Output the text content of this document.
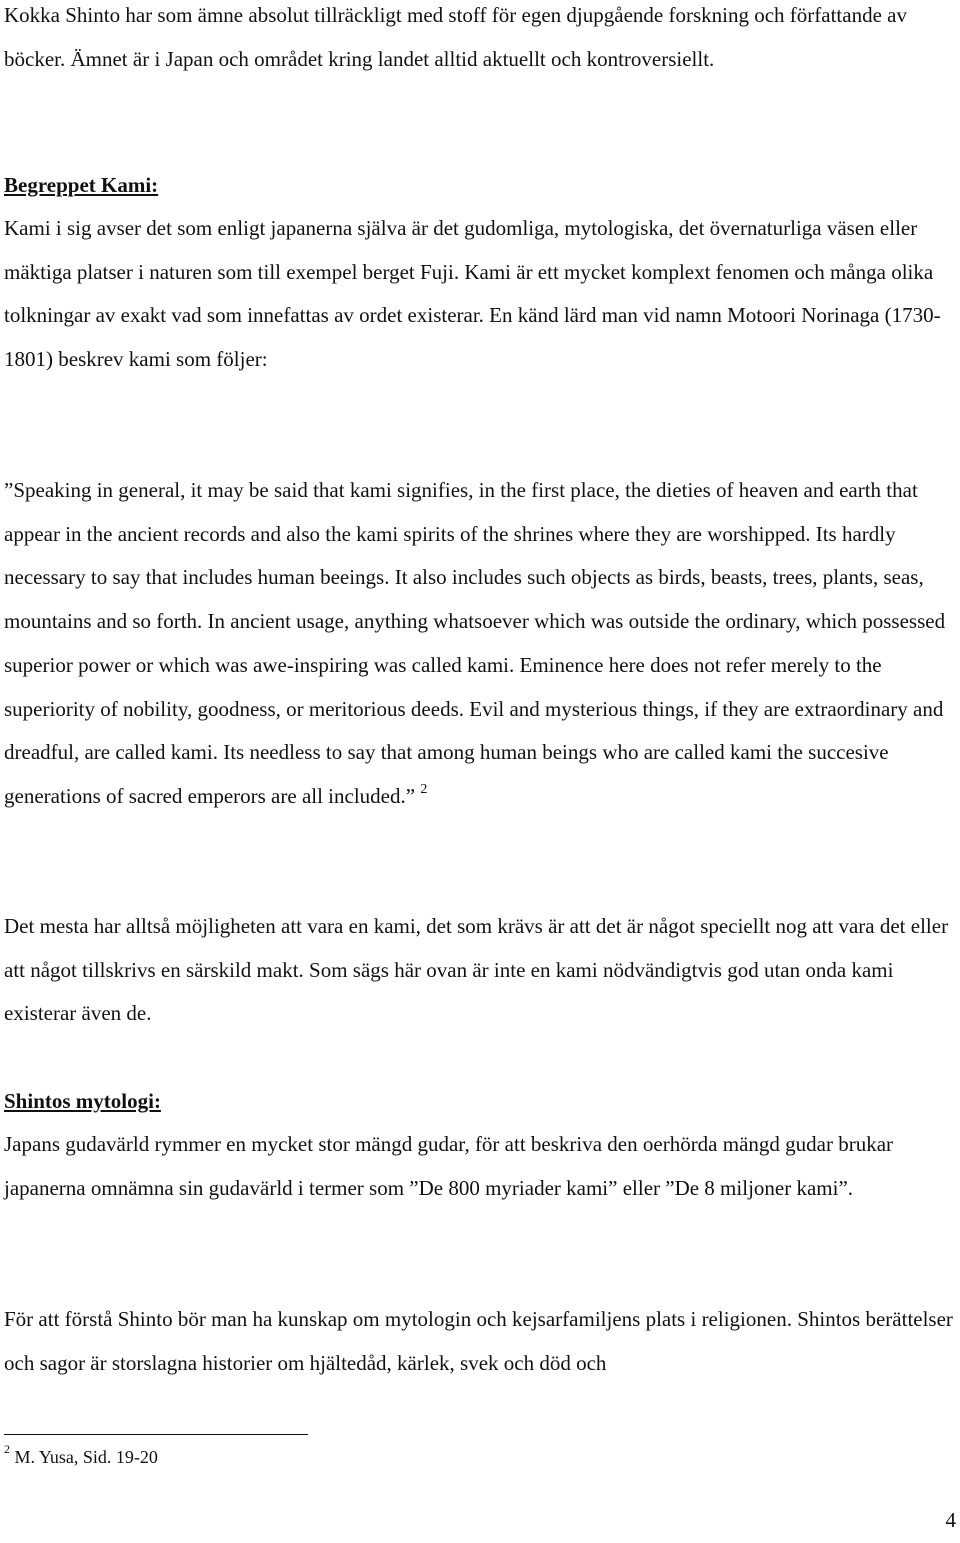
Kokka Shinto har som ämne absolut tillräckligt med stoff för egen djupgående forskning och författande av böcker. Ämnet är i Japan och området kring landet alltid aktuellt och kontroversiellt.

Begreppet Kami:

Kami i sig avser det som enligt japanerna själva är det gudomliga, mytologiska, det övernaturliga väsen eller mäktiga platser i naturen som till exempel berget Fuji. Kami är ett mycket komplext fenomen och många olika tolkningar av exakt vad som innefattas av ordet existerar. En känd lärd man vid namn Motoori Norinaga (1730-1801) beskrev kami som följer:

”Speaking in general, it may be said that kami signifies, in the first place, the dieties of heaven and earth that appear in the ancient records and also the kami spirits of the shrines where they are worshipped. Its hardly necessary to say that includes human beeings. It also includes such objects as birds, beasts, trees, plants, seas, mountains and so forth. In ancient usage, anything whatsoever which was outside the ordinary, which possessed superior power or which was awe-inspiring was called kami. Eminence here does not refer merely to the superiority of nobility, goodness, or meritorious deeds. Evil and mysterious things, if they are extraordinary and dreadful, are called kami. Its needless to say that among human beings who are called kami the succesive generations of sacred emperors are all included.” $^2$

Det mesta har alltså möjligheten att vara en kami, det som krävs är att det är något speciellt nog att vara det eller att något tillskrivs en särskild makt. Som sägs här ovan är inte en kami nödvändigtvis god utan onda kami existerar även de.

Shintos mytologi:

Japans gudavärld rymmer en mycket stor mängd gudar, för att beskriva den oerhörda mängd gudar brukar japanerna omnämna sin gudavärld i termer som ”De 800 myriader kami” eller ”De 8 miljoner kami”.

För att förstå Shinto bör man ha kunskap om mytologin och kejsarfamiljens plats i religionen. Shintos berättelser och sagor är storslagna historier om hjältedåd, kärlek, svek och död och

$^2$ M. Yusa, Sid. 19-20

4
